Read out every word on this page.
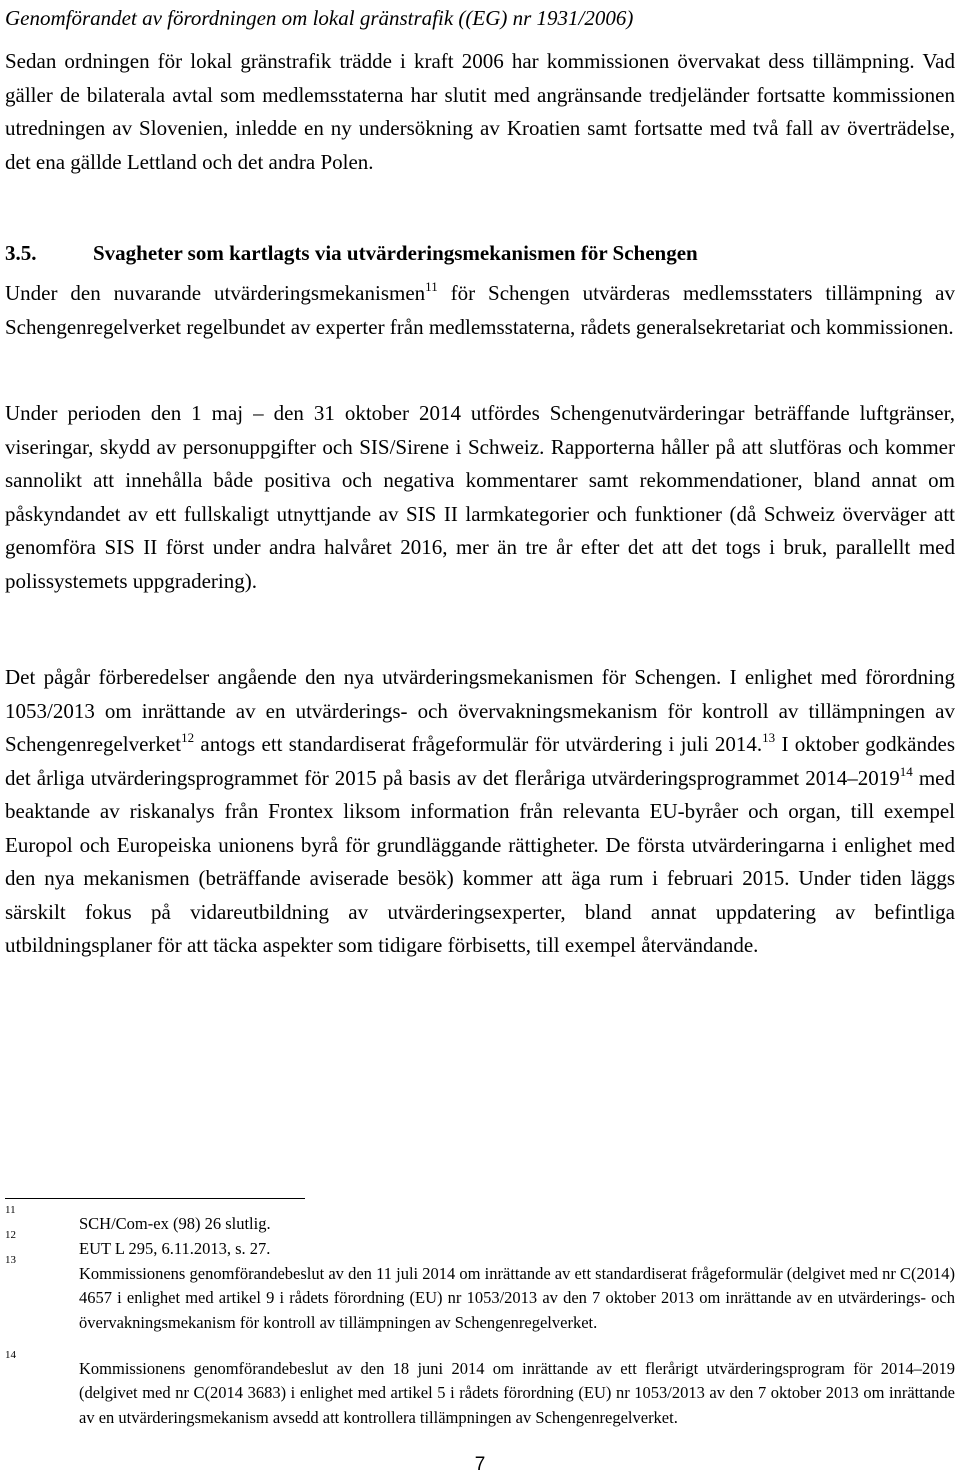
Genomförandet av förordningen om lokal gränstrafik ((EG) nr 1931/2006)

Sedan ordningen för lokal gränstrafik trädde i kraft 2006 har kommissionen övervakat dess tillämpning. Vad gäller de bilaterala avtal som medlemsstaterna har slutit med angränsande tredjeländer fortsatte kommissionen utredningen av Slovenien, inledde en ny undersökning av Kroatien samt fortsatte med två fall av överträdelse, det ena gällde Lettland och det andra Polen.

3.5.	Svagheter som kartlagts via utvärderingsmekanismen för Schengen

Under den nuvarande utvärderingsmekanismen$^{11}$ för Schengen utvärderas medlemsstaters tillämpning av Schengenregelverket regelbundet av experter från medlemsstaterna, rådets generalsekretariat och kommissionen.

Under perioden den 1 maj – den 31 oktober 2014 utfördes Schengenutvärderingar beträffande luftgränser, viseringar, skydd av personuppgifter och SIS/Sirene i Schweiz. Rapporterna håller på att slutföras och kommer sannolikt att innehålla både positiva och negativa kommentarer samt rekommendationer, bland annat om påskyndandet av ett fullskaligt utnyttjande av SIS II larmkategorier och funktioner (då Schweiz överväger att genomföra SIS II först under andra halvåret 2016, mer än tre år efter det att det togs i bruk, parallellt med polissystemets uppgradering).

Det pågår förberedelser angående den nya utvärderingsmekanismen för Schengen. I enlighet med förordning 1053/2013 om inrättande av en utvärderings- och övervakningsmekanism för kontroll av tillämpningen av Schengenregelverket$^{12}$ antogs ett standardiserat frågeformulär för utvärdering i juli 2014.13 I oktober godkändes det årliga utvärderingsprogrammet för 2015 på basis av det fleråriga utvärderingsprogrammet 2014–2019$^{14}$ med beaktande av riskanalys från Frontex liksom information från relevanta EU-byråer och organ, till exempel Europol och Europeiska unionens byrå för grundläggande rättigheter. De första utvärderingarna i enlighet med den nya mekanismen (beträffande aviserade besök) kommer att äga rum i februari 2015. Under tiden läggs särskilt fokus på vidareutbildning av utvärderingsexperter, bland annat uppdatering av befintliga utbildningsplaner för att täcka aspekter som tidigare förbisetts, till exempel återvändande.

11
SCH/Com-ex (98) 26 slutlig.
12
EUT L 295, 6.11.2013, s. 27.
13
Kommissionens genomförandebeslut av den 11 juli 2014 om inrättande av ett standardiserat frågeformulär (delgivet med nr C(2014) 4657 i enlighet med artikel 9 i rådets förordning (EU) nr 1053/2013 av den 7 oktober 2013 om inrättande av en utvärderings- och övervakningsmekanism för kontroll av tillämpningen av Schengenregelverket.
14
Kommissionens genomförandebeslut av den 18 juni 2014 om inrättande av ett flerårigt utvärderingsprogram för 2014–2019 (delgivet med nr C(2014 3683) i enlighet med artikel 5 i rådets förordning (EU) nr 1053/2013 av den 7 oktober 2013 om inrättande av en utvärderingsmekanism avsedd att kontrollera tillämpningen av Schengenregelverket.
7
